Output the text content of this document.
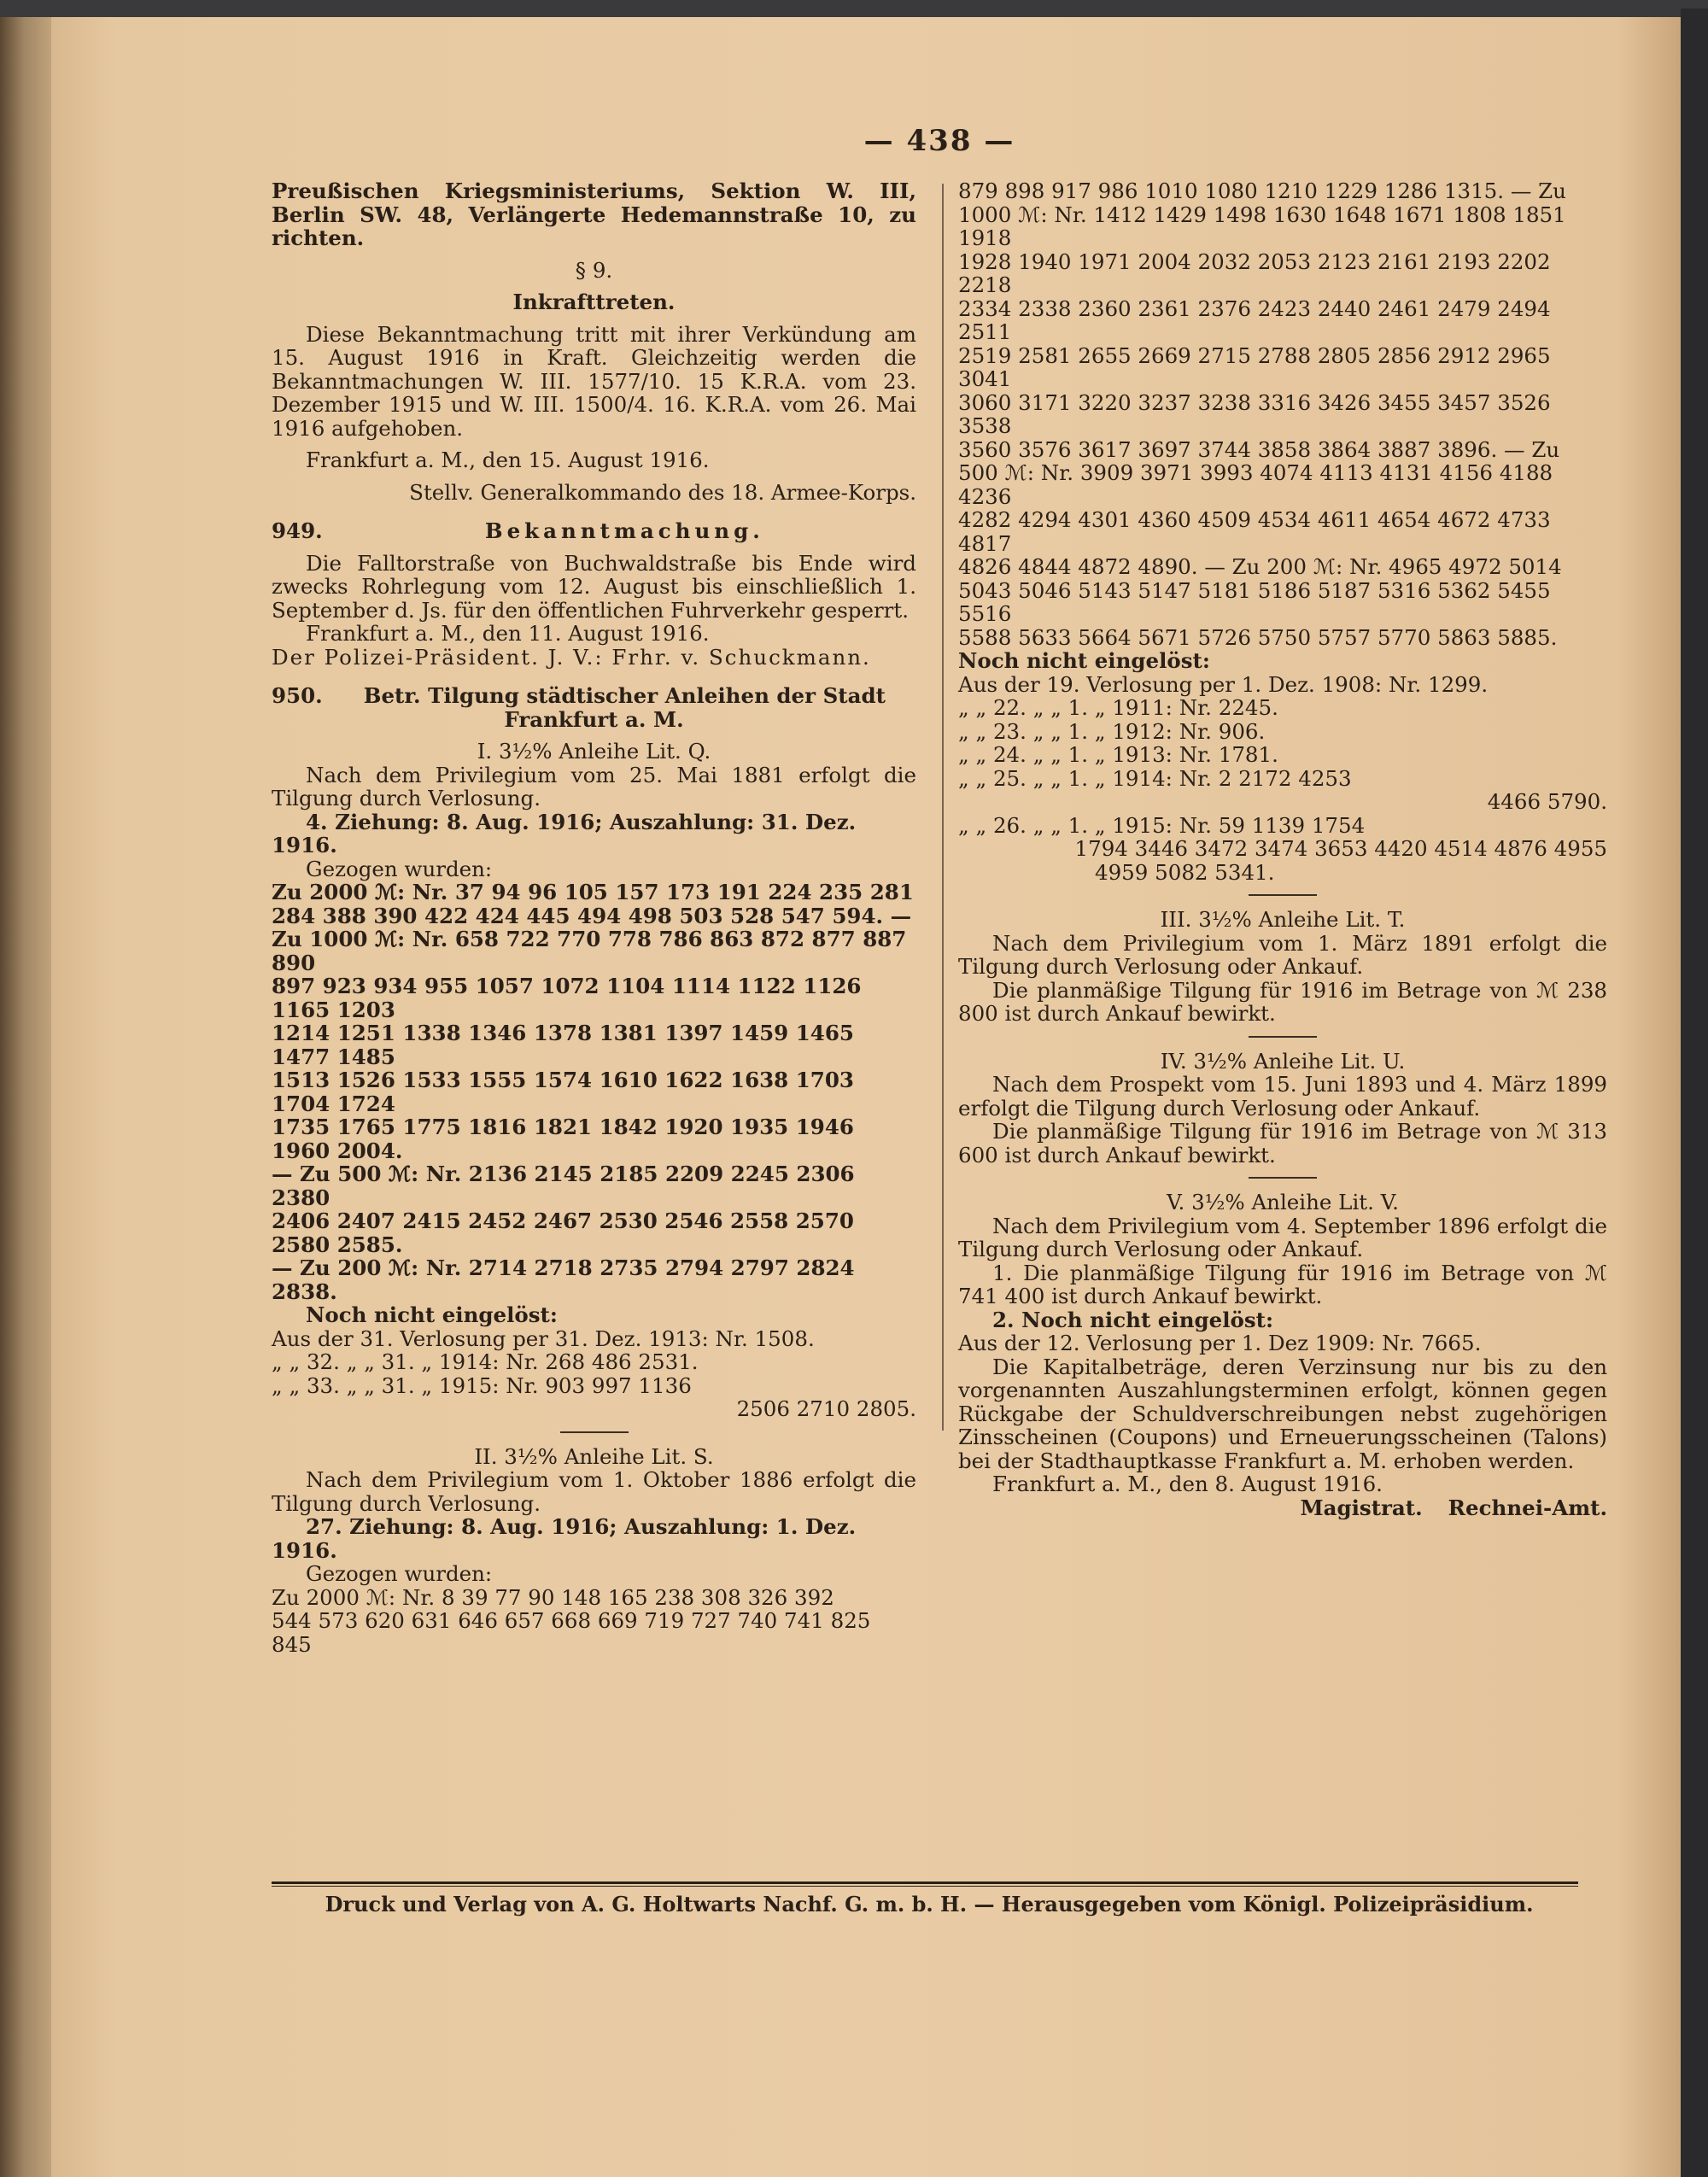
— 438 —

Preußischen Kriegsministeriums, Sektion W. III, Berlin SW. 48, Verlängerte Hedemannstraße 10, zu richten.

§ 9.

Inkrafttreten.

Diese Bekanntmachung tritt mit ihrer Verkündung am 15. August 1916 in Kraft. Gleichzeitig werden die Bekanntmachungen W. III. 1577/10. 15 K.R.A. vom 23. Dezember 1915 und W. III. 1500/4. 16. K.R.A. vom 26. Mai 1916 aufgehoben.

Frankfurt a. M., den 15. August 1916.

Stellv. Generalkommando des 18. Armee-Korps.

949.	Bekanntmachung.

Die Falltorstraße von Buchwaldstraße bis Ende wird zwecks Rohrlegung vom 12. August bis einschließlich 1. September d. Js. für den öffentlichen Fuhrverkehr gesperrt.

Frankfurt a. M., den 11. August 1916.

Der Polizei-Präsident. J. V.: Frhr. v. Schuckmann.

950.	Betr. Tilgung städtischer Anleihen der Stadt

Frankfurt a. M.

I. 3½% Anleihe Lit. Q.

Nach dem Privilegium vom 25. Mai 1881 erfolgt die Tilgung durch Verlosung.

4. Ziehung: 8. Aug. 1916; Auszahlung: 31. Dez. 1916.

Gezogen wurden:

Zu 2000 ℳ: Nr. 37 94 96 105 157 173 191 224 235 281

284 388 390 422 424 445 494 498 503 528 547 594. —

Zu 1000 ℳ: Nr. 658 722 770 778 786 863 872 877 887 890

897 923 934 955 1057 1072 1104 1114 1122 1126 1165 1203

1214 1251 1338 1346 1378 1381 1397 1459 1465 1477 1485

1513 1526 1533 1555 1574 1610 1622 1638 1703 1704 1724

1735 1765 1775 1816 1821 1842 1920 1935 1946 1960 2004.

— Zu 500 ℳ: Nr. 2136 2145 2185 2209 2245 2306 2380

2406 2407 2415 2452 2467 2530 2546 2558 2570 2580 2585.

— Zu 200 ℳ: Nr. 2714 2718 2735 2794 2797 2824 2838.

Noch nicht eingelöst:

Aus der 31. Verlosung per 31. Dez. 1913: Nr. 1508.

„ „ 32. „ „ 31. „ 1914: Nr. 268 486 2531.

„ „ 33. „ „ 31. „ 1915: Nr. 903 997 1136

2506 2710 2805.

II. 3½% Anleihe Lit. S.

Nach dem Privilegium vom 1. Oktober 1886 erfolgt die Tilgung durch Verlosung.

27. Ziehung: 8. Aug. 1916; Auszahlung: 1. Dez. 1916.

Gezogen wurden:

Zu 2000 ℳ: Nr. 8 39 77 90 148 165 238 308 326 392

544 573 620 631 646 657 668 669 719 727 740 741 825 845

879 898 917 986 1010 1080 1210 1229 1286 1315. — Zu

1000 ℳ: Nr. 1412 1429 1498 1630 1648 1671 1808 1851 1918

1928 1940 1971 2004 2032 2053 2123 2161 2193 2202 2218

2334 2338 2360 2361 2376 2423 2440 2461 2479 2494 2511

2519 2581 2655 2669 2715 2788 2805 2856 2912 2965 3041

3060 3171 3220 3237 3238 3316 3426 3455 3457 3526 3538

3560 3576 3617 3697 3744 3858 3864 3887 3896. — Zu

500 ℳ: Nr. 3909 3971 3993 4074 4113 4131 4156 4188 4236

4282 4294 4301 4360 4509 4534 4611 4654 4672 4733 4817

4826 4844 4872 4890. — Zu 200 ℳ: Nr. 4965 4972 5014

5043 5046 5143 5147 5181 5186 5187 5316 5362 5455 5516

5588 5633 5664 5671 5726 5750 5757 5770 5863 5885.

Noch nicht eingelöst:

Aus der 19. Verlosung per 1. Dez. 1908: Nr. 1299.

„ „ 22. „ „ 1. „ 1911: Nr. 2245.

„ „ 23. „ „ 1. „ 1912: Nr. 906.

„ „ 24. „ „ 1. „ 1913: Nr. 1781.

„ „ 25. „ „ 1. „ 1914: Nr. 2 2172 4253

4466 5790.

„ „ 26. „ „ 1. „ 1915: Nr. 59 1139 1754

1794 3446 3472 3474 3653 4420 4514 4876 4955

4959 5082 5341.

III. 3½% Anleihe Lit. T.

Nach dem Privilegium vom 1. März 1891 erfolgt die Tilgung durch Verlosung oder Ankauf.

Die planmäßige Tilgung für 1916 im Betrage von ℳ 238 800 ist durch Ankauf bewirkt.

IV. 3½% Anleihe Lit. U.

Nach dem Prospekt vom 15. Juni 1893 und 4. März 1899 erfolgt die Tilgung durch Verlosung oder Ankauf.

Die planmäßige Tilgung für 1916 im Betrage von ℳ 313 600 ist durch Ankauf bewirkt.

V. 3½% Anleihe Lit. V.

Nach dem Privilegium vom 4. September 1896 erfolgt die Tilgung durch Verlosung oder Ankauf.

1. Die planmäßige Tilgung für 1916 im Betrage von ℳ 741 400 ist durch Ankauf bewirkt.

2. Noch nicht eingelöst:

Aus der 12. Verlosung per 1. Dez 1909: Nr. 7665.

Die Kapitalbeträge, deren Verzinsung nur bis zu den vorgenannten Auszahlungsterminen erfolgt, können gegen Rückgabe der Schuldverschreibungen nebst zugehörigen Zinsscheinen (Coupons) und Erneuerungsscheinen (Talons) bei der Stadthauptkasse Frankfurt a. M. erhoben werden.

Frankfurt a. M., den 8. August 1916.

Magistrat. Rechnei-Amt.
Druck und Verlag von A. G. Holtwarts Nachf. G. m. b. H. — Herausgegeben vom Königl. Polizeipräsidium.
